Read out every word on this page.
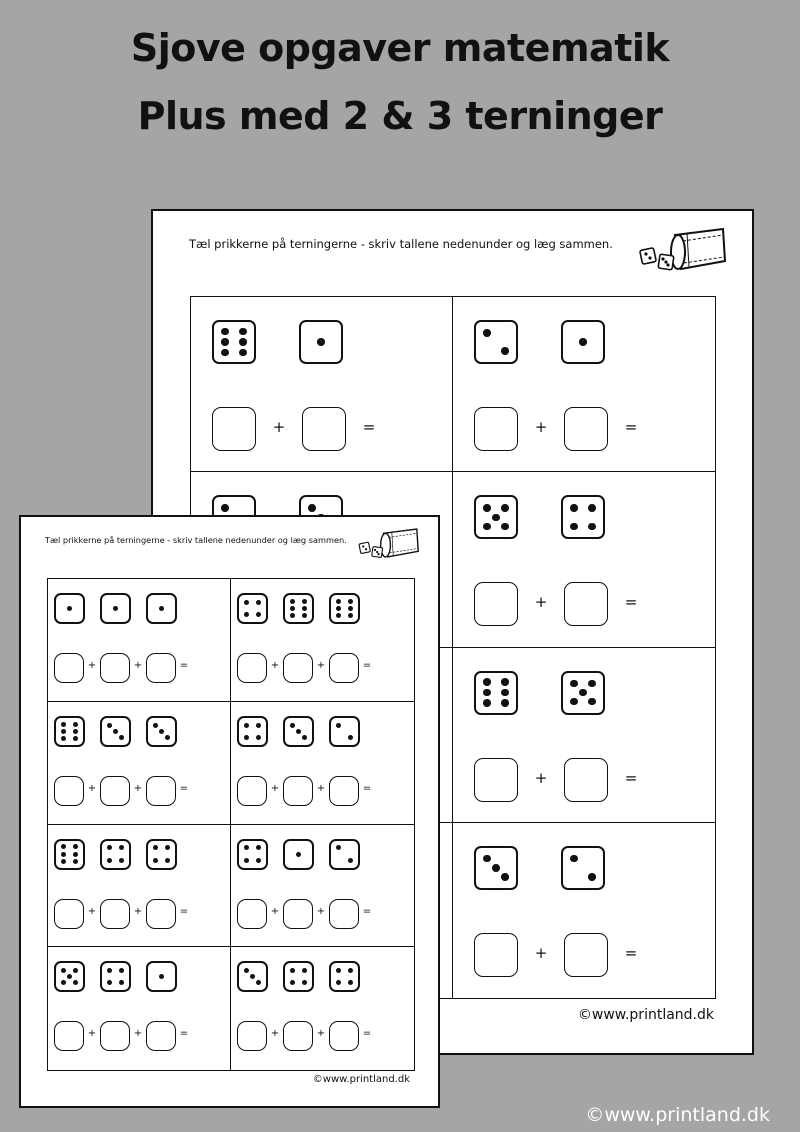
Sjove opgaver matematik
Plus med 2 & 3 terninger
Tæl prikkerne på terningerne - skriv tallene nedenunder og læg sammen.
+	=	+	=
+	=
+	=
+	=
©www.printland.dk
Tæl prikkerne på terningerne - skriv tallene nedenunder og læg sammen.
+	+	=	+	+	=
+	+	=	+	+	=
+	+	=	+	+	=
+	+	=	+	+	=
©www.printland.dk
©www.printland.dk
